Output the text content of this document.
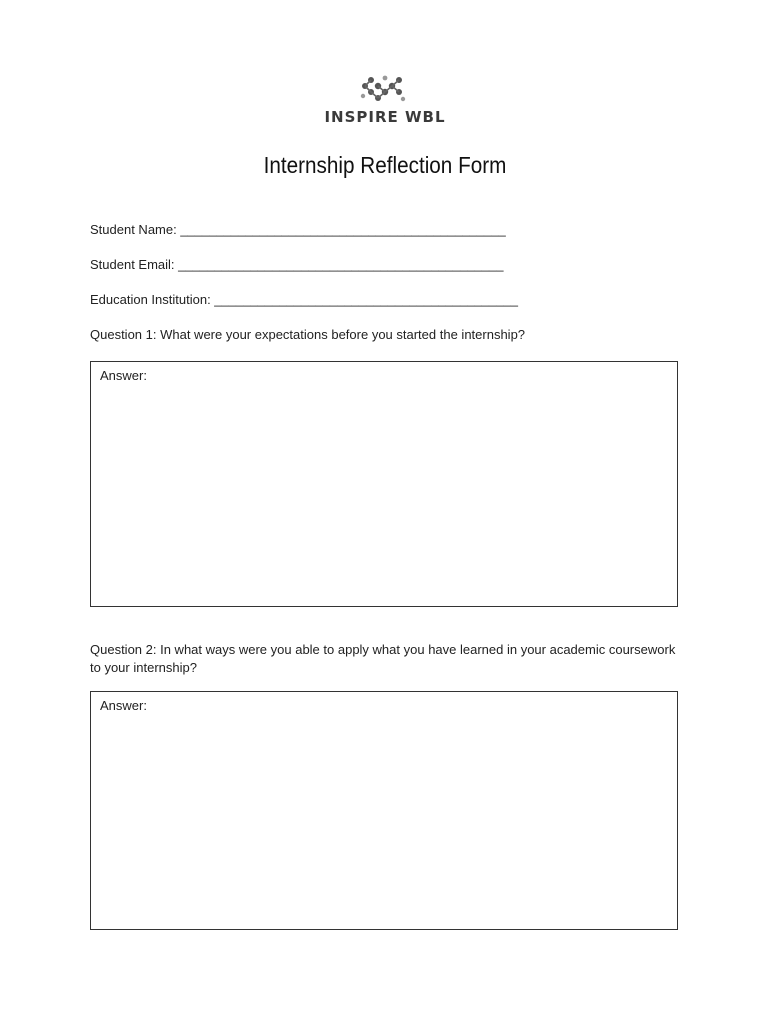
INSPIRE WBL
Internship Reflection Form
Student Name: _____________________________________________
Student Email: _____________________________________________
Education Institution: __________________________________________
Question 1: What were your expectations before you started the internship?
Answer:
Question 2: In what ways were you able to apply what you have learned in your academic coursework to your internship?
Answer:
